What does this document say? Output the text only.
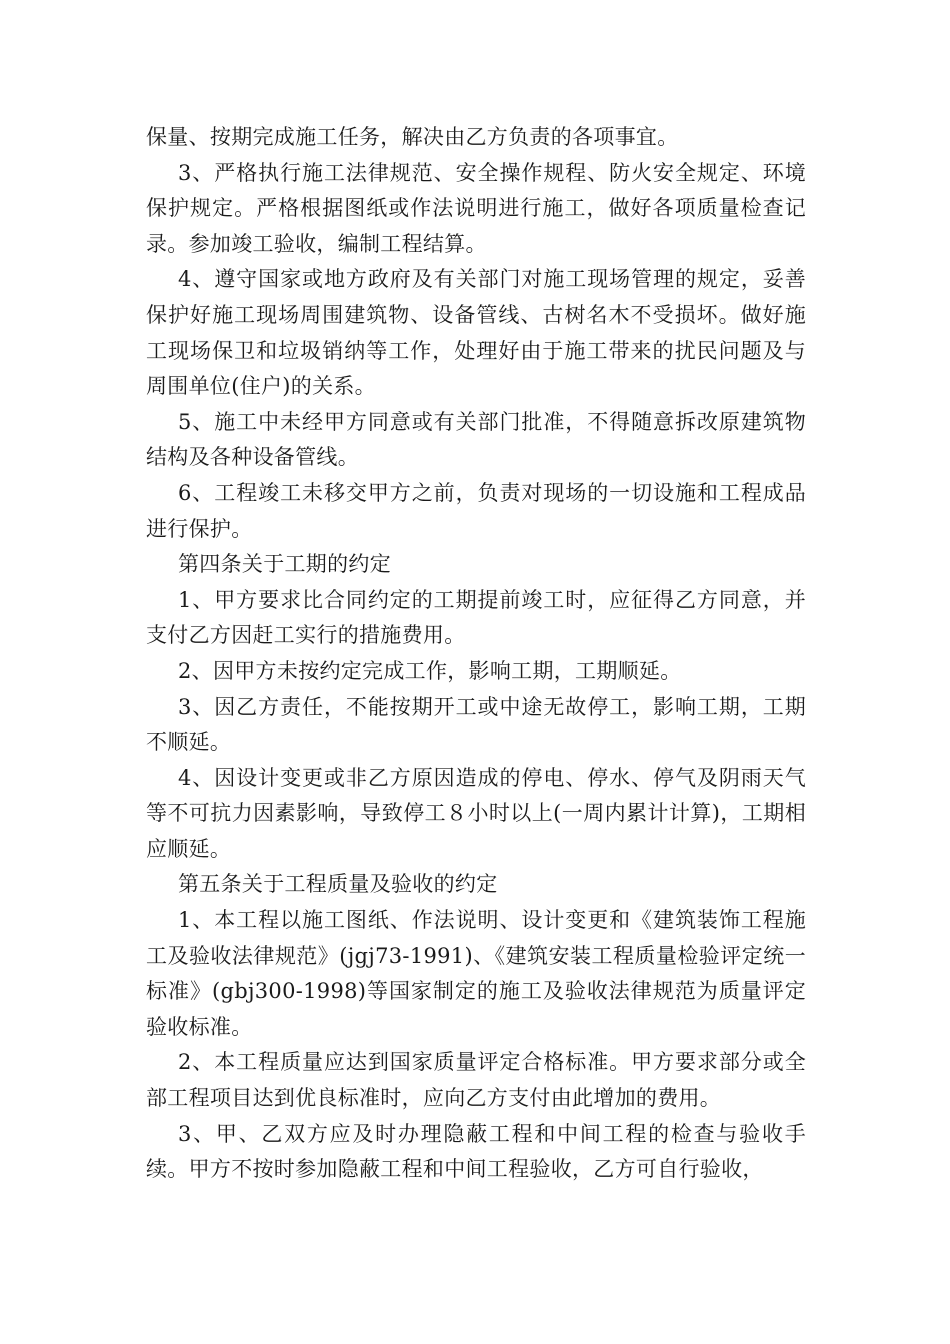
保量、按期完成施工任务，解决由乙方负责的各项事宜。

3、严格执行施工法律规范、安全操作规程、防火安全规定、环境保护规定。严格根据图纸或作法说明进行施工，做好各项质量检查记录。参加竣工验收，编制工程结算。

4、遵守国家或地方政府及有关部门对施工现场管理的规定，妥善保护好施工现场周围建筑物、设备管线、古树名木不受损坏。做好施工现场保卫和垃圾销纳等工作，处理好由于施工带来的扰民问题及与周围单位(住户)的关系。

5、施工中未经甲方同意或有关部门批准，不得随意拆改原建筑物结构及各种设备管线。

6、工程竣工未移交甲方之前，负责对现场的一切设施和工程成品进行保护。

第四条关于工期的约定

1、甲方要求比合同约定的工期提前竣工时，应征得乙方同意，并支付乙方因赶工实行的措施费用。

2、因甲方未按约定完成工作，影响工期，工期顺延。

3、因乙方责任，不能按期开工或中途无故停工，影响工期，工期不顺延。

4、因设计变更或非乙方原因造成的停电、停水、停气及阴雨天气等不可抗力因素影响，导致停工８小时以上(一周内累计计算)，工期相应顺延。

第五条关于工程质量及验收的约定

1、本工程以施工图纸、作法说明、设计变更和《建筑装饰工程施工及验收法律规范》(jgj73-1991)、《建筑安装工程质量检验评定统一标准》(gbj300-1998)等国家制定的施工及验收法律规范为质量评定验收标准。

2、本工程质量应达到国家质量评定合格标准。甲方要求部分或全部工程项目达到优良标准时，应向乙方支付由此增加的费用。

3、甲、乙双方应及时办理隐蔽工程和中间工程的检查与验收手续。甲方不按时参加隐蔽工程和中间工程验收，乙方可自行验收，
